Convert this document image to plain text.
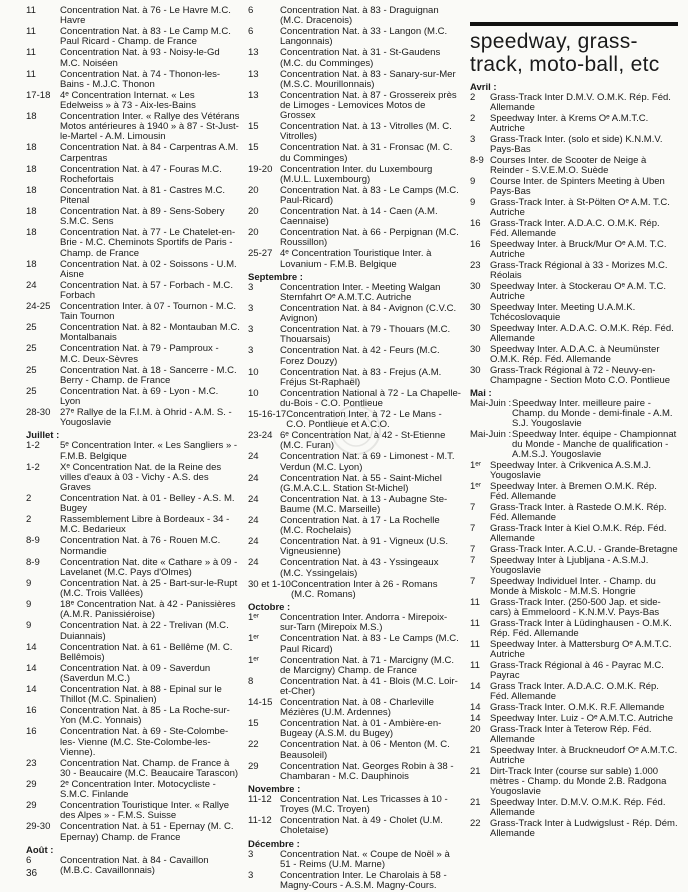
11	Concentration Nat. à 76 - Le Havre M.C. Havre
11	Concentration Nat. à 83 - Le Camp M.C. Paul Ricard - Champ. de France
11	Concentration Nat. à 93 - Noisy-le-Gd M.C. Noiséen
11	Concentration Nat. à 74 - Thonon-les-Bains - M.J.C. Thonon
17-18	4ᵉ Concentration Internat. « Les Edelweiss » à 73 - Aix-les-Bains
18	Concentration Inter. « Rallye des Vétérans Motos antérieures à 1940 » à 87 - St-Just-le-Martel - A.M. Limousin
18	Concentration Nat. à 84 - Carpentras A.M. Carpentras
18	Concentration Nat. à 47 - Fouras M.C. Rochefortais
18	Concentration Nat. à 81 - Castres M.C. Pitenal
18	Concentration Nat. à 89 - Sens-Sobery S.M.C. Sens
18	Concentration Nat. à 77 - Le Chatelet-en-Brie - M.C. Cheminots Sportifs de Paris - Champ. de France
18	Concentration Nat. à 02 - Soissons - U.M. Aisne
24	Concentration Nat. à 57 - Forbach - M.C. Forbach
24-25	Concentration Inter. à 07 - Tournon - M.C. Tain Tournon
25	Concentration Nat. à 82 - Montauban M.C. Montalbanais
25	Concentration Nat. à 79 - Pamproux - M.C. Deux-Sèvres
25	Concentration Nat. à 18 - Sancerre - M.C. Berry - Champ. de France
25	Concentration Nat. à 69 - Lyon - M.C. Lyon
28-30	27ᵉ Rallye de la F.I.M. à Ohrid - A.M. S. - Yougoslavie
Juillet :
1-2	5ᵉ Concentration Inter. « Les Sangliers » - F.M.B. Belgique
1-2	Xᵉ Concentration Nat. de la Reine des villes d'eaux à 03 - Vichy - A.S. des Graves
2	Concentration Nat. à 01 - Belley - A.S. M. Bugey
2	Rassemblement Libre à Bordeaux - 34 - M.C. Bedarieux
8-9	Concentration Nat. à 76 - Rouen M.C. Normandie
8-9	Concentration Nat. dite « Cathare » à 09 - Lavelanet (M.C. Pays d'Olmes)
9	Concentration Nat. à 25 - Bart-sur-le-Rupt (M.C. Trois Vallées)
9	18ᵉ Concentration Nat. à 42 - Panissières (A.M.R. Panissiéroise)
9	Concentration Nat. à 22 - Trelivan (M.C. Duiannais)
14	Concentration Nat. à 61 - Bellême (M. C. Bellêmois)
14	Concentration Nat. à 09 - Saverdun (Saverdun M.C.)
14	Concentration Nat. à 88 - Epinal sur le Thillot (M.C. Spinalien)
16	Concentration Nat. à 85 - La Roche-sur-Yon (M.C. Yonnais)
16	Concentration Nat. à 69 - Ste-Colombe-les- Vienne (M.C. Ste-Colombe-les-Vienne).
23	Concentration Nat. Champ. de France à 30 - Beaucaire (M.C. Beaucaire Tarascon)
29	2ᵉ Concentration Inter. Motocycliste - S.M.C. Finlande
29	Concentration Touristique Inter. « Rallye des Alpes » - F.M.S. Suisse
29-30	Concentration Nat. à 51 - Epernay (M. C. Epernay) Champ. de France
Août :
6	Concentration Nat. à 84 - Cavaillon (M.B.C. Cavaillonnais)
6	Concentration Nat. à 83 - Draguignan (M.C. Dracenois)
6	Concentration Nat. à 33 - Langon (M.C. Langonnais)
13	Concentration Nat. à 31 - St-Gaudens (M.C. du Comminges)
13	Concentration Nat. à 83 - Sanary-sur-Mer (M.S.C. Mourillonnais)
13	Concentration Nat. à 87 - Grossereix près de Limoges - Lemovices Motos de Grossex
15	Concentration Nat. à 13 - Vitrolles (M. C. Vitrolles)
15	Concentration Nat. à 31 - Fronsac (M. C. du Comminges)
19-20 Concentration Inter. du Luxembourg (M.U.L. Luxembourg)
20	Concentration Nat. à 83 - Le Camps (M.C. Paul-Ricard)
20	Concentration Nat. à 14 - Caen (A.M. Caennaise)
20	Concentration Nat. à 66 - Perpignan (M.C. Roussillon)
25-27 4ᵉ Concentration Touristique Inter. à Lovanium - F.M.B. Belgique
Septembre :
3	Concentration Inter. - Meeting Walgan Sternfahrt Oᵉ A.M.T.C. Autriche
3	Concentration Nat. à 84 - Avignon (C.V.C. Avignon)
3	Concentration Nat. à 79 - Thouars (M.C. Thouarsais)
3	Concentration Nat. à 42 - Feurs (M.C. Forez Douzy)
10	Concentration Nat. à 83 - Frejus (A.M. Fréjus St-Raphaël)
10	Concentration National à 72 - La Chapelle-du-Bois - C.O. Pontlieue
15-16-17 Concentration Inter. à 72 - Le Mans - C.O. Pontlieue et A.C.O.
23-24 6ᵉ Concentration Nat. à 42 - St-Etienne (M.C. Furan)
24	Concentration Nat. à 69 - Limonest - M.T. Verdun (M.C. Lyon)
24	Concentration Nat. à 55 - Saint-Michel (G.M.A.C.L. Station St-Michel)
24	Concentration Nat. à 13 - Aubagne Ste-Baume (M.C. Marseille)
24	Concentration Nat. à 17 - La Rochelle (M.C. Rochelais)
24	Concentration Nat. à 91 - Vigneux (U.S. Vigneusienne)
24	Concentration Nat. à 43 - Yssingeaux (M.C. Yssingelais)
30 et 1-10 Concentration Inter à 26 - Romans (M.C. Romans)
Octobre :
1ᵉʳ	Concentration Inter. Andorra - Mirepoix-sur-Tarn (Mirepoix M.S.)
1ᵉʳ	Concentration Nat. à 83 - Le Camps (M.C. Paul Ricard)
1ᵉʳ	Concentration Nat. à 71 - Marcigny (M.C. de Marcigny) Champ. de France
8	Concentration Nat. à 41 - Blois (M.C. Loir-et-Cher)
14-15 Concentration Nat. à 08 - Charleville Mézières (U.M. Ardennes)
15	Concentration Nat. à 01 - Ambière-en-Bugeay (A.S.M. du Bugey)
22	Concentration Nat. à 06 - Menton (M. C. Beausoleil)
29	Concentration Nat. Georges Robin à 38 - Chambaran - M.C. Dauphinois
Novembre :
11-12 Concentration Nat. Les Tricasses à 10 - Troyes (M.C. Troyen)
11-12 Concentration Nat. à 49 - Cholet (U.M. Choletaise)
Décembre :
3	Concentration Nat. « Coupe de Noël » à 51 - Reims (U.M. Marne)
3	Concentration Inter. Le Charolais à 58 - Magny-Cours - A.S.M. Magny-Cours.
speedway, grass-track, moto-ball, etc
Avril :
2	Grass-Track Inter D.M.V. O.M.K. Rép. Féd. Allemande
2	Speedway Inter. à Krems Oᵉ A.M.T.C. Autriche
3	Grass-Track Inter. (solo et side) K.N.M.V. Pays-Bas
8-9 Courses Inter. de Scooter de Neige à Reinder - S.V.E.M.O. Suède
9	Course Inter. de Spinters Meeting à Uben Pays-Bas
9	Grass-Track Inter. à St-Pölten Oᵉ A.M. T.C. Autriche
16 Grass-Track Inter. A.D.A.C. O.M.K. Rép. Féd. Allemande
16 Speedway Inter. à Bruck/Mur Oᵉ A.M. T.C. Autriche
23 Grass-Track Régional à 33 - Morizes M.C. Réolais
30 Speedway Inter. à Stockerau Oᵉ A.M. T.C. Autriche
30 Speedway Inter. Meeting U.A.M.K. Tchécoslovaquie
30 Speedway Inter. A.D.A.C. O.M.K. Rép. Féd. Allemande
30 Speedway Inter. A.D.A.C. à Neumünster O.M.K. Rép. Féd. Allemande
30 Grass-Track Régional à 72 - Neuvy-en-Champagne - Section Moto C.O. Pontlieue
Mai :
Mai-Juin : Speedway Inter. meilleure paire - Champ. du Monde - demi-finale - A.M. S.J. Yougoslavie
Mai-Juin : Speedway Inter. équipe - Championnat du Monde - Manche de qualification - A.M.S.J. Yougoslavie
1ᵉʳ Speedway Inter. à Crikvenica A.S.M.J. Yougoslavie
1ᵉʳ Speedway Inter. à Bremen O.M.K. Rép. Féd. Allemande
7	Grass-Track Inter. à Rastede O.M.K. Rép. Féd. Allemande
7	Grass-Track Inter à Kiel O.M.K. Rép. Féd. Allemande
7	Grass-Track Inter. A.C.U. - Grande-Bretagne
7	Speedway Inter à Ljubljana - A.S.M.J. Yougoslavie
7	Speedway Individuel Inter. - Champ. du Monde à Miskolc - M.M.S. Hongrie
11	Grass-Track Inter. (250-500 Jap. et side-cars) à Emmeloord - K.N.M.V. Pays-Bas
11	Grass-Track Inter à Lüdinghausen - O.M.K. Rép. Féd. Allemande
11	Speedway Inter. à Mattersburg Oᵉ A.M.T.C. Autriche
11	Grass-Track Régional à 46 - Payrac M.C. Payrac
14 Grass Track Inter. A.D.A.C. O.M.K. Rép. Féd. Allemande
14 Grass-Track Inter. O.M.K. R.F. Allemande
14 Speedway Inter. Luiz - Oᵉ A.M.T.C. Autriche
20 Grass-Track Inter à Teterow Rép. Féd. Allemande
21 Speedway Inter. à Bruckneudorf Oᵉ A.M.T.C. Autriche
21 Dirt-Track Inter (course sur sable) 1.000 mètres - Champ. du Monde 2.B. Radgona Yougoslavie
21 Speedway Inter. D.M.V. O.M.K. Rép. Féd. Allemande
22 Grass-Track Inter à Ludwigslust - Rép. Dém. Allemande
36
